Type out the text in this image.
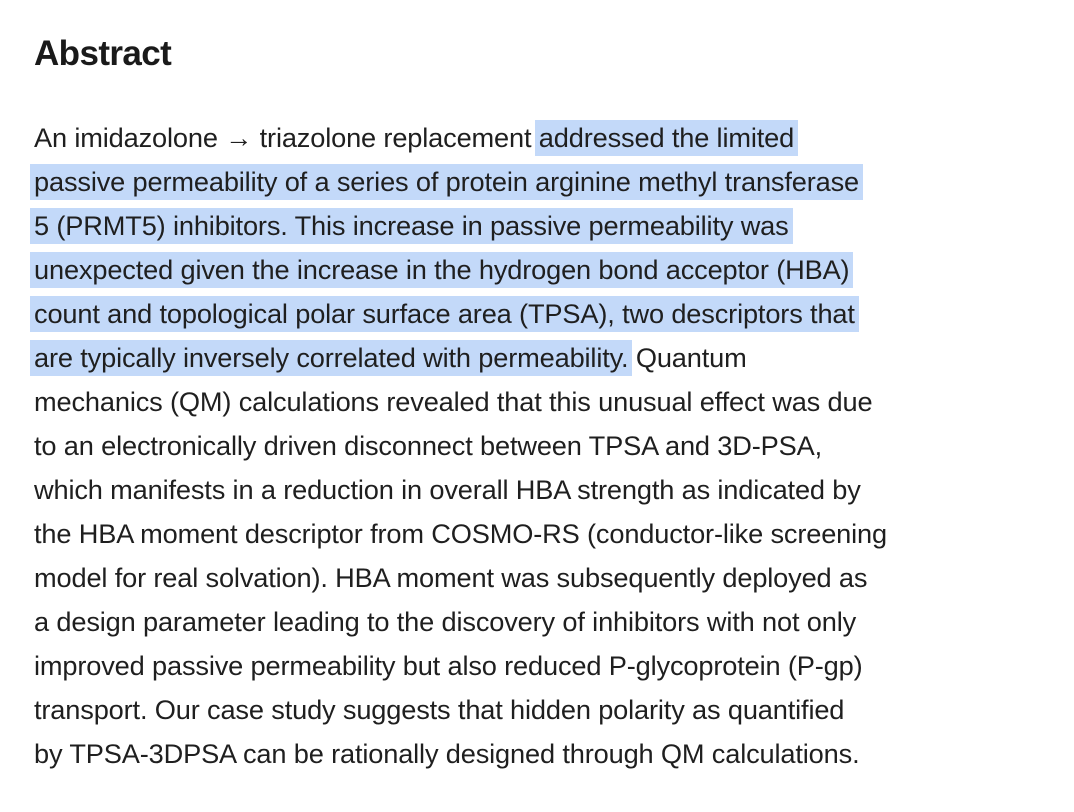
Abstract

An imidazolone → triazolone replacement addressed the limited
passive permeability of a series of protein arginine methyl transferase
5 (PRMT5) inhibitors. This increase in passive permeability was
unexpected given the increase in the hydrogen bond acceptor (HBA)
count and topological polar surface area (TPSA), two descriptors that
are typically inversely correlated with permeability. Quantum
mechanics (QM) calculations revealed that this unusual effect was due
to an electronically driven disconnect between TPSA and 3D-PSA,
which manifests in a reduction in overall HBA strength as indicated by
the HBA moment descriptor from COSMO-RS (conductor-like screening
model for real solvation). HBA moment was subsequently deployed as
a design parameter leading to the discovery of inhibitors with not only
improved passive permeability but also reduced P-glycoprotein (P-gp)
transport. Our case study suggests that hidden polarity as quantified
by TPSA-3DPSA can be rationally designed through QM calculations.
